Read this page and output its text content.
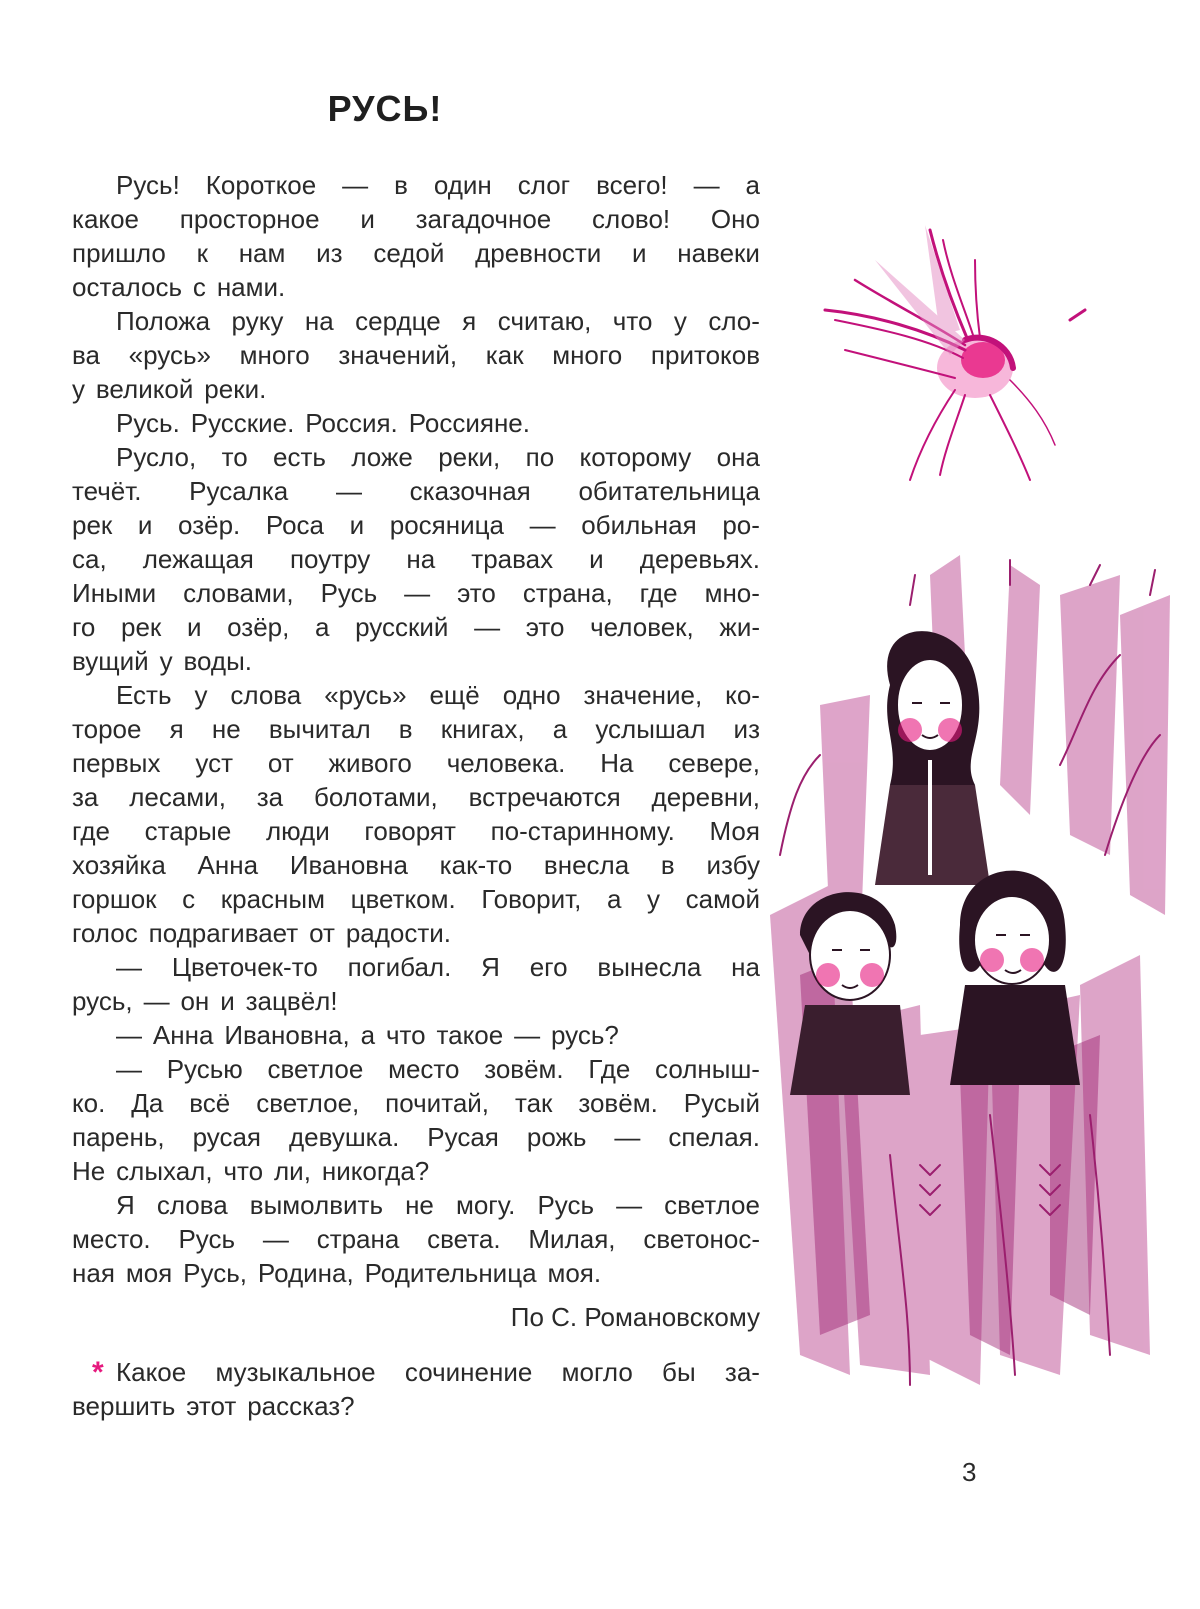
РУСЬ!
Русь! Короткое — в один слог всего! — а
какое просторное и загадочное слово! Оно
пришло к нам из седой древности и навеки
осталось с нами.
Положа руку на сердце я считаю, что у сло-
ва «русь» много значений, как много притоков
у великой реки.
Русь. Русские. Россия. Россияне.
Русло, то есть ложе реки, по которому она
течёт. Русалка — сказочная обитательница
рек и озёр. Роса и росяница — обильная ро-
са, лежащая поутру на травах и деревьях.
Иными словами, Русь — это страна, где мно-
го рек и озёр, а русский — это человек, жи-
вущий у воды.
Есть у слова «русь» ещё одно значение, ко-
торое я не вычитал в книгах, а услышал из
первых уст от живого человека. На севере,
за лесами, за болотами, встречаются деревни,
где старые люди говорят по-старинному. Моя
хозяйка Анна Ивановна как-то внесла в избу
горшок с красным цветком. Говорит, а у самой
голос подрагивает от радости.
— Цветочек-то погибал. Я его вынесла на
русь, — он и зацвёл!
— Анна Ивановна, а что такое — русь?
— Русью светлое место зовём. Где солныш‑
ко. Да всё светлое, почитай, так зовём. Русый
парень, русая девушка. Русая рожь — спелая.
Не слыхал, что ли, никогда?
Я слова вымолвить не могу. Русь — светлое
место. Русь — страна света. Милая, светонос-
ная моя Русь, Родина, Родительница моя.
По С. Романовскому
* Какое музыкальное сочинение могло бы за-
вершить этот рассказ?
3
